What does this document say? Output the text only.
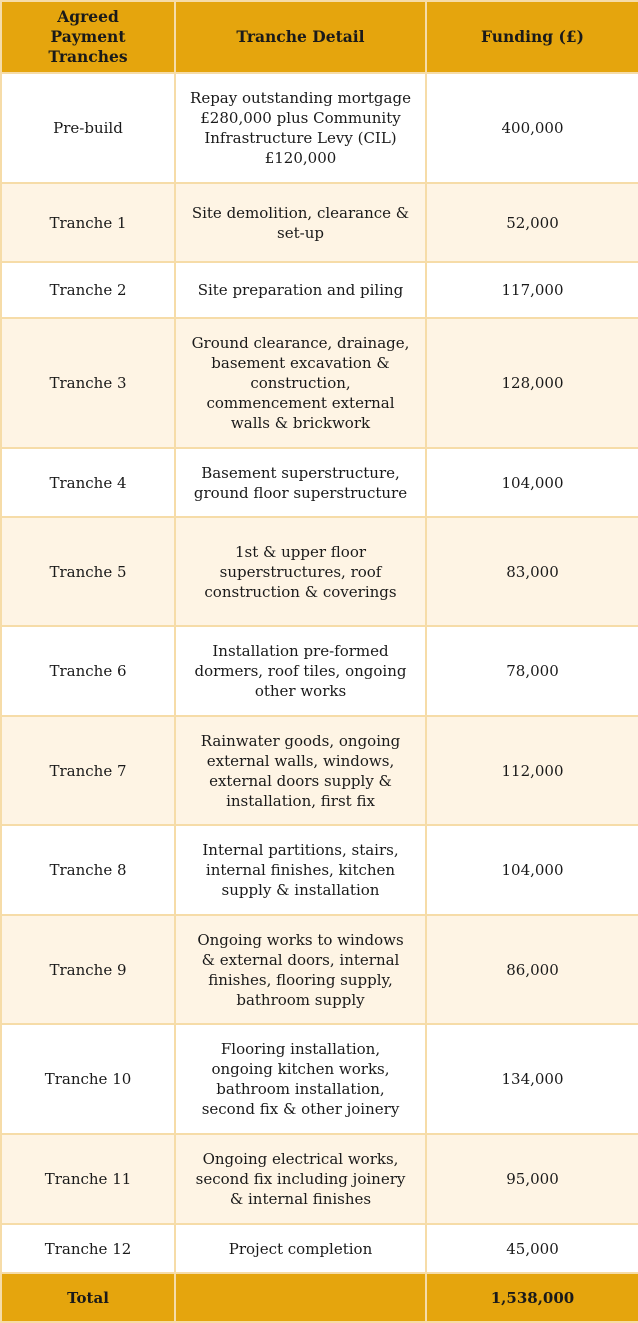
Agreed Payment Tranches	Tranche Detail	Funding (£)
Pre-build	Repay outstanding mortgage £280,000 plus Community Infrastructure Levy (CIL) £120,000	400,000
Tranche 1	Site demolition, clearance & set-up	52,000
Tranche 2	Site preparation and piling	117,000
Tranche 3	Ground clearance, drainage, basement excavation & construction, commencement external walls & brickwork	128,000
Tranche 4	Basement superstructure, ground floor superstructure	104,000
Tranche 5	1st & upper floor superstructures, roof construction & coverings	83,000
Tranche 6	Installation pre-formed dormers, roof tiles, ongoing other works	78,000
Tranche 7	Rainwater goods, ongoing external walls, windows, external doors supply & installation, first fix	112,000
Tranche 8	Internal partitions, stairs, internal finishes, kitchen supply & installation	104,000
Tranche 9	Ongoing works to windows & external doors, internal finishes, flooring supply, bathroom supply	86,000
Tranche 10	Flooring installation, ongoing kitchen works, bathroom installation, second fix & other joinery	134,000
Tranche 11	Ongoing electrical works, second fix including joinery & internal finishes	95,000
Tranche 12	Project completion	45,000
Total		1,538,000
